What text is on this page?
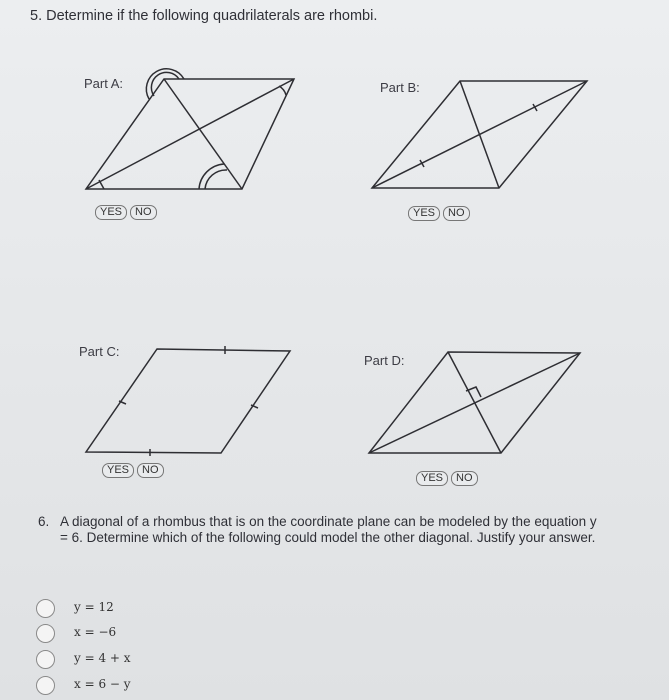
5. Determine if the following quadrilaterals are rhombi.
Part A:	Part B:
Part C:
Part D:
YES	NO	YES	NO
YES	NO
YES	NO
6. A diagonal of a rhombus that is on the coordinate plane can be modeled by the equation y = 6. Determine which of the following could model the other diagonal. Justify your answer.
y = 12
x = −6
y = 4 + x
x = 6 − y
